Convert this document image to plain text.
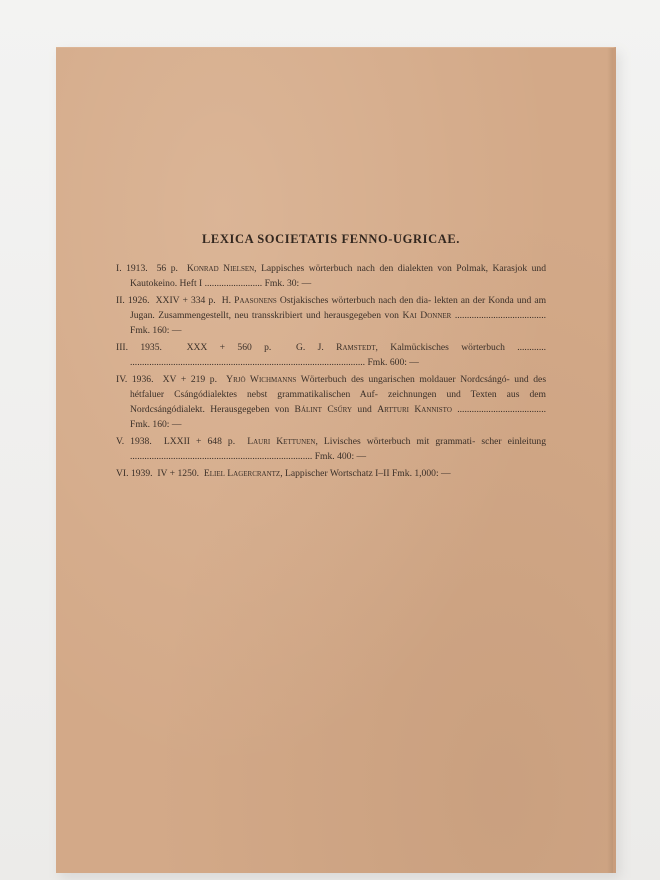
LEXICA SOCIETATIS FENNO-UGRICAE.
I. 1913. 56 p. Konrad Nielsen, Lappisches wörterbuch nach den dialekten von Polmak, Karasjok und Kautokeino. Heft I ........................ Fmk. 30: —
II. 1926. XXIV + 334 p. H. Paasonens Ostjakisches wörterbuch nach den dia- lekten an der Konda und am Jugan. Zusammengestellt, neu transskribiert und herausgegeben von Kai Donner ...................................... Fmk. 160: —
III. 1935.	XXX + 560 p.	G. J. Ramstedt, Kalmückisches wörterbuch ............ .................................................................................................. Fmk. 600: —
IV. 1936. XV + 219 p. Yrjö Wichmanns Wörterbuch des ungarischen moldauer Nordcsángó- und des hétfaluer Csángódialektes nebst grammatikalischen Auf- zeichnungen und Texten aus dem Nordcsángódialekt. Herausgegeben von Bálint Csűry und Artturi Kannisto ..................................... Fmk. 160: —
V. 1938. LXXII + 648 p. Lauri Kettunen, Livisches wörterbuch mit grammati- scher einleitung ............................................................................ Fmk. 400: —
VI. 1939. IV + 1250. Eliel Lagercrantz, Lappischer Wortschatz I–II Fmk. 1,000: —
